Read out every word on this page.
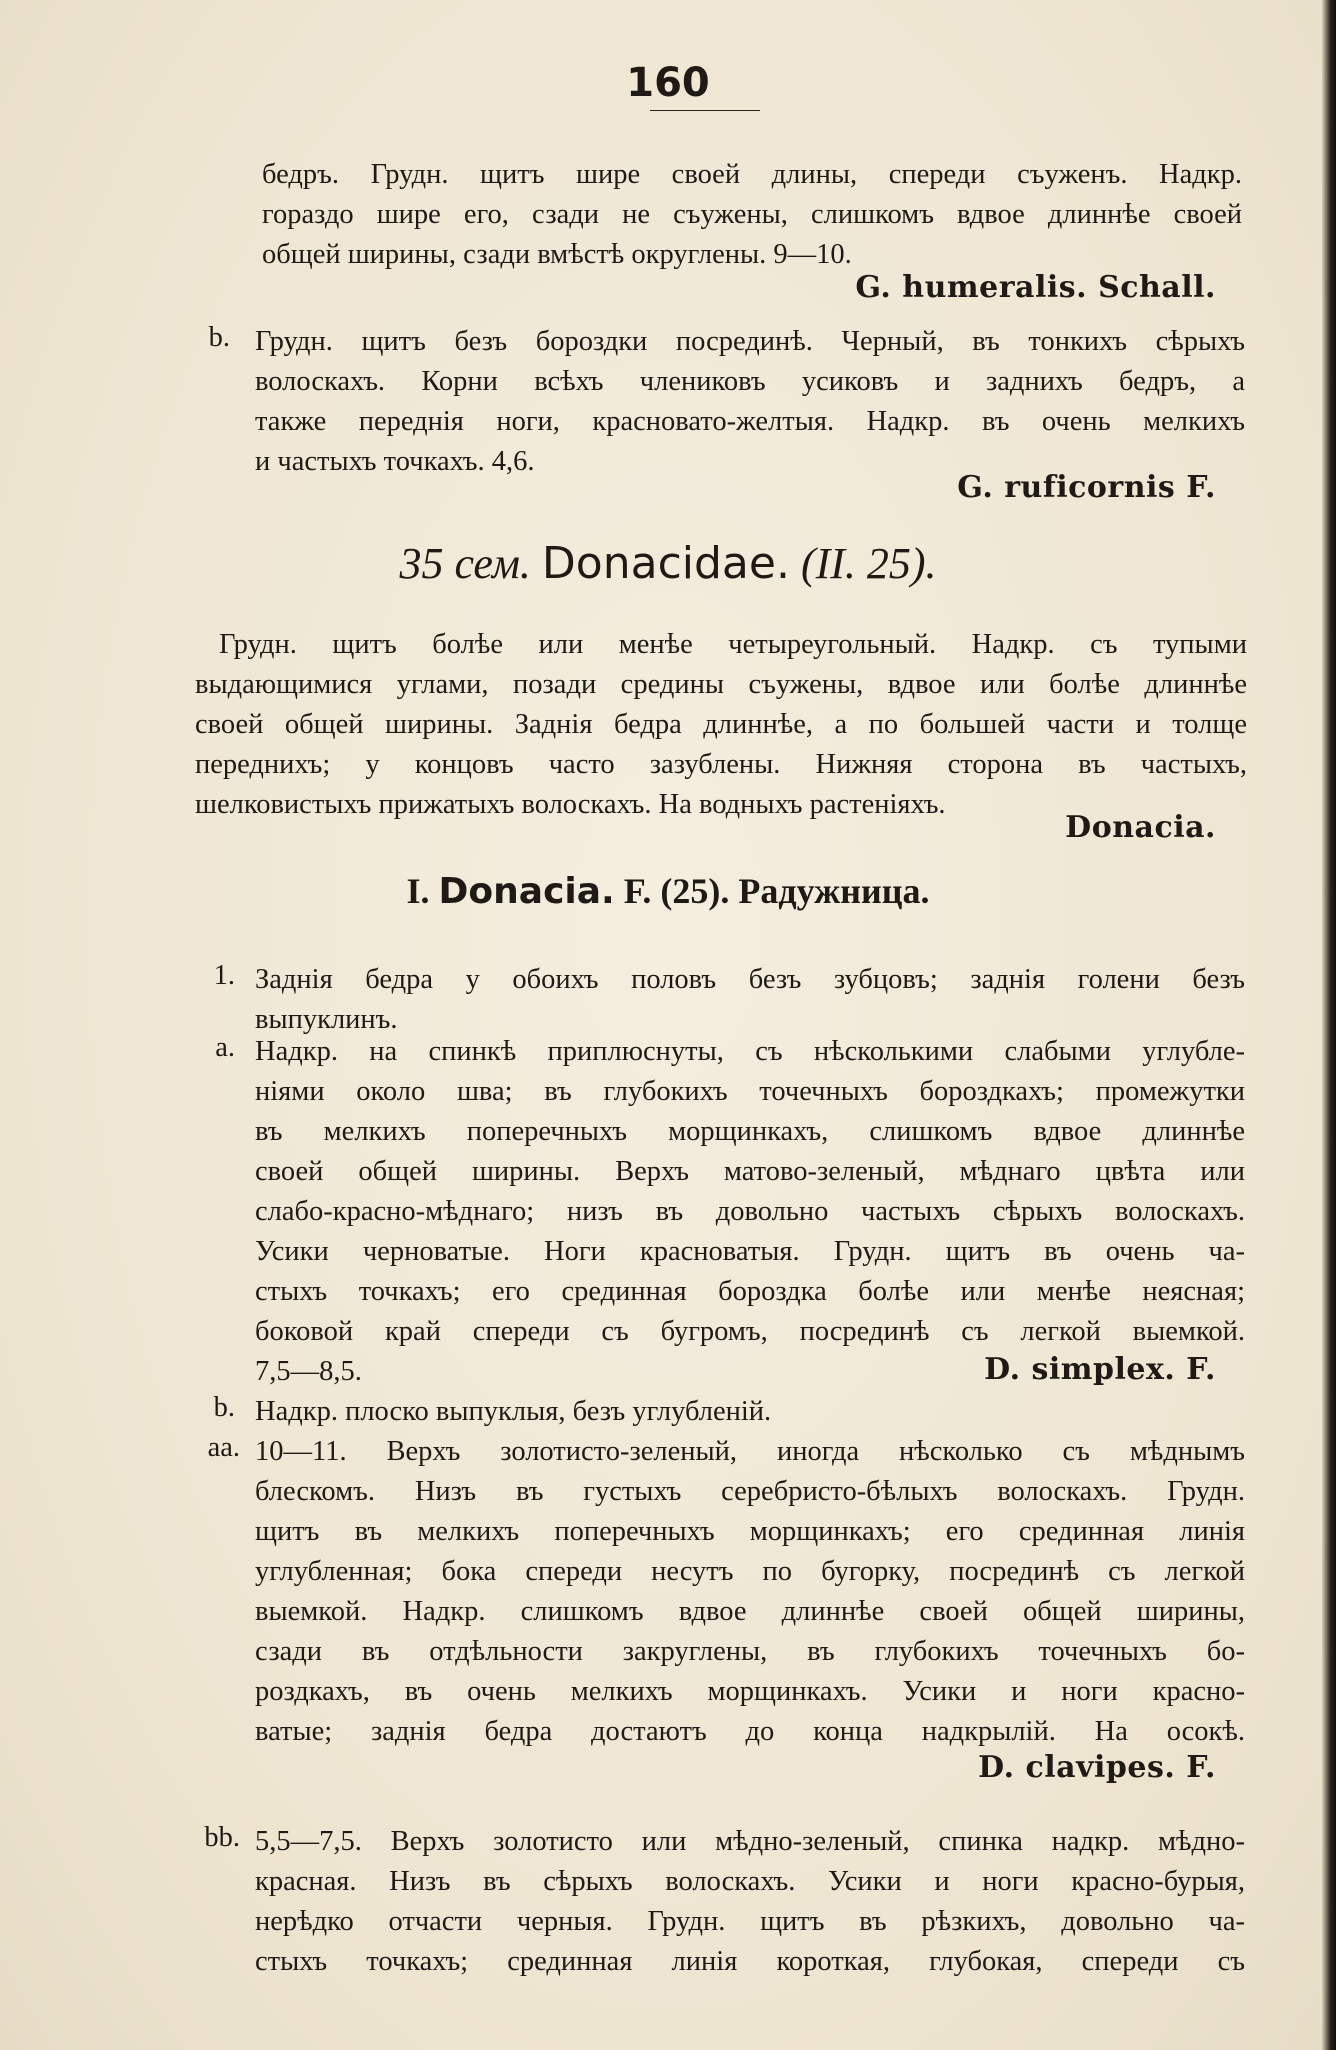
160
бедръ. Грудн. щитъ шире своей длины, спереди съуженъ. Надкр.
гораздо шире его, сзади не съужены, слишкомъ вдвое длиннѣе своей
общей ширины, сзади вмѣстѣ округлены. 9—10.
G. humeralis. Schall.
b. Грудн. щитъ безъ бороздки посрединѣ. Черный, въ тонкихъ сѣрыхъ
волоскахъ. Корни всѣхъ члениковъ усиковъ и заднихъ бедръ, а
также переднія ноги, красновато-желтыя. Надкр. въ очень мелкихъ
и частыхъ точкахъ. 4,6.
G. ruficornis F.
35 сем. Donacidae. (II. 25).
Грудн. щитъ болѣе или менѣе четыреугольный. Надкр. съ тупыми
выдающимися углами, позади средины съужены, вдвое или болѣе длиннѣе
своей общей ширины. Заднія бедра длиннѣе, а по большей части и толще
переднихъ; у концовъ часто зазублены. Нижняя сторона въ частыхъ,
шелковистыхъ прижатыхъ волоскахъ. На водныхъ растеніяхъ.
Donacia.
I. Donacia. F. (25). Радужница.
1. Заднія бедра у обоихъ половъ безъ зубцовъ; заднія голени безъ
выпуклинъ.
a. Надкр. на спинкѣ приплюснуты, съ нѣсколькими слабыми углубле-
ніями около шва; въ глубокихъ точечныхъ бороздкахъ; промежутки
въ мелкихъ поперечныхъ морщинкахъ, слишкомъ вдвое длиннѣе
своей общей ширины. Верхъ матово-зеленый, мѣднаго цвѣта или
слабо-красно-мѣднаго; низъ въ довольно частыхъ сѣрыхъ волоскахъ.
Усики черноватые. Ноги красноватыя. Грудн. щитъ въ очень ча-
стыхъ точкахъ; его срединная бороздка болѣе или менѣе неясная;
боковой край спереди съ бугромъ, посрединѣ съ легкой выемкой.
7,5—8,5.	D. simplex. F.
b. Надкр. плоско выпуклыя, безъ углубленій.
aa. 10—11. Верхъ золотисто-зеленый, иногда нѣсколько съ мѣднымъ
блескомъ. Низъ въ густыхъ серебристо-бѣлыхъ волоскахъ. Грудн.
щитъ въ мелкихъ поперечныхъ морщинкахъ; его срединная линія
углубленная; бока спереди несутъ по бугорку, посрединѣ съ легкой
выемкой. Надкр. слишкомъ вдвое длиннѣе своей общей ширины,
сзади въ отдѣльности закруглены, въ глубокихъ точечныхъ бо-
роздкахъ, въ очень мелкихъ морщинкахъ. Усики и ноги красно-
ватые; заднія бедра достаютъ до конца надкрылій. На осокѣ.
D. clavipes. F.
bb. 5,5—7,5. Верхъ золотисто или мѣдно-зеленый, спинка надкр. мѣдно-
красная. Низъ въ сѣрыхъ волоскахъ. Усики и ноги красно-бурыя,
нерѣдко отчасти черныя. Грудн. щитъ въ рѣзкихъ, довольно ча-
стыхъ точкахъ; срединная линія короткая, глубокая, спереди съ
